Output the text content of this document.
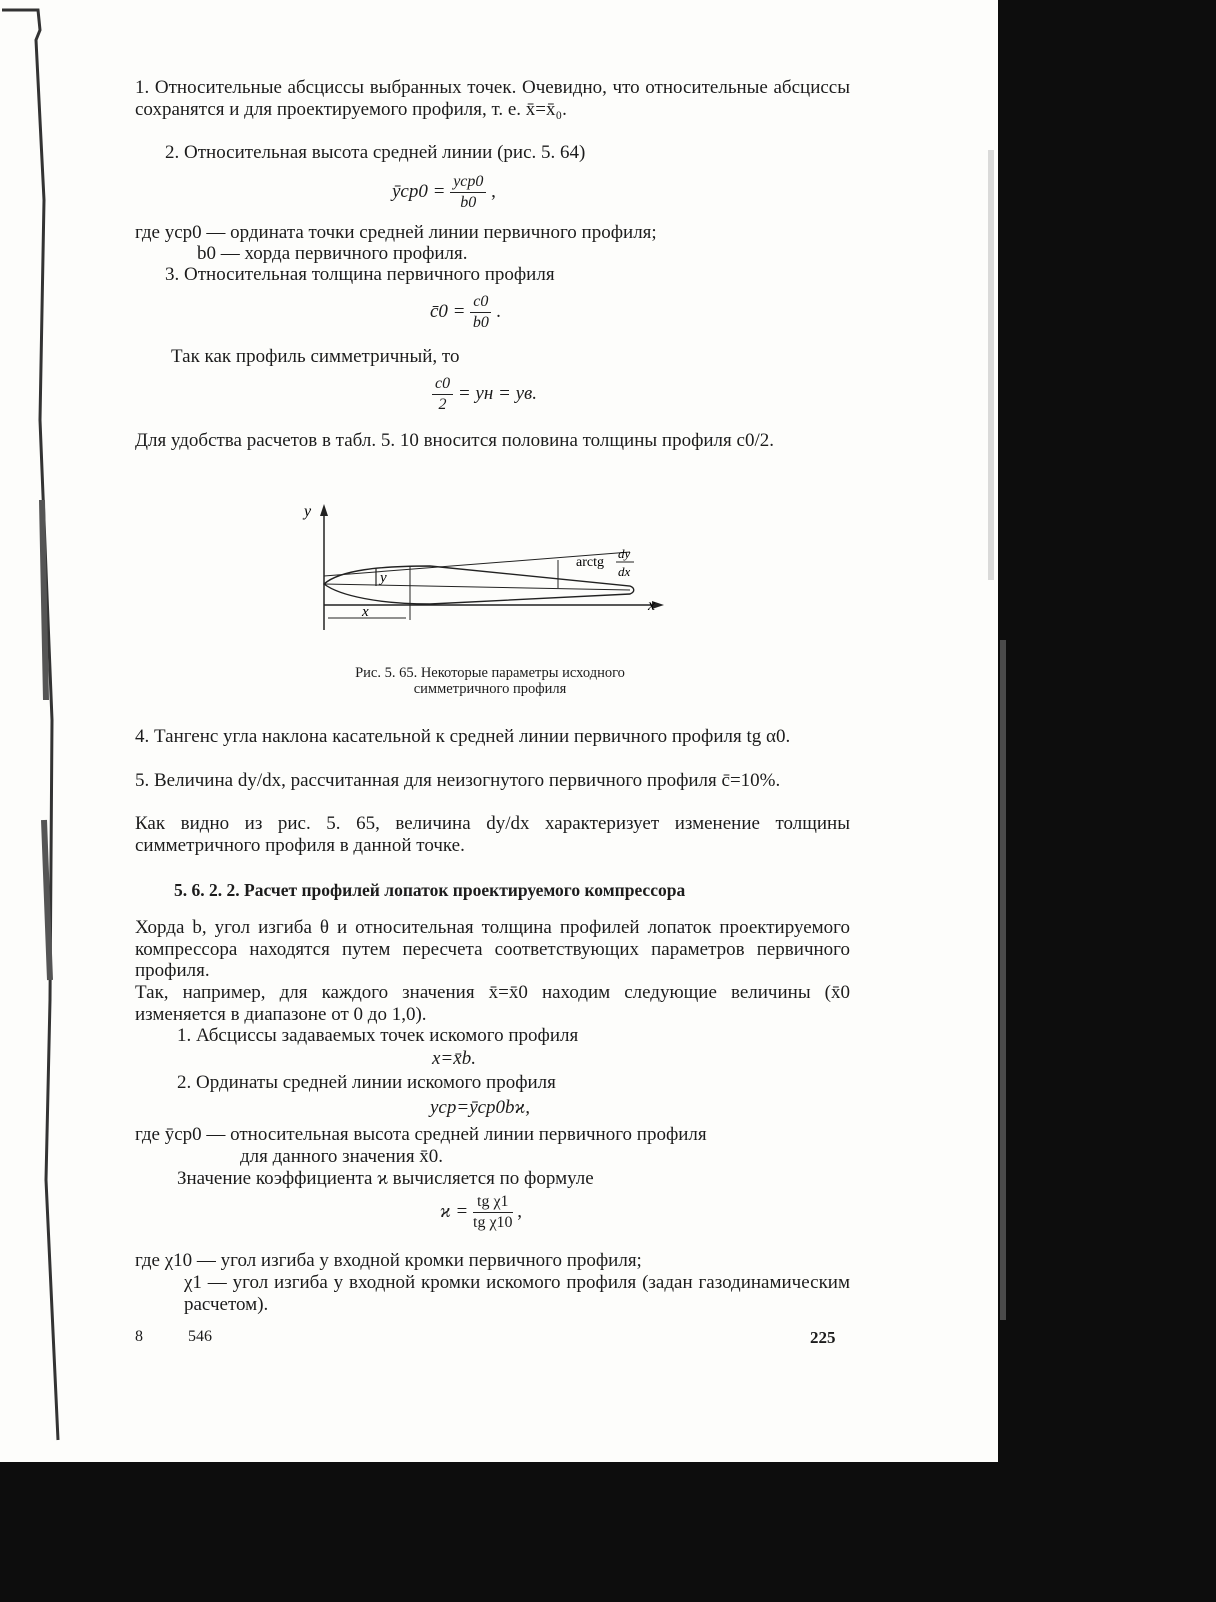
1. Относительные абсциссы выбранных точек. Очевидно, что относительные абсциссы сохранятся и для проектируемого профиля, т. е. x̄=x̄₀.

2. Относительная высота средней линии (рис. 5. 64)

ȳср0 = $\frac{\text{yср0}}{b0}$ ,
где yср0 — ордината точки средней линии первичного профиля;
b0 — хорда первичного профиля.

3. Относительная толщина первичного профиля

c̄0 = $\frac{c0}{b0}$ .

Так как профиль симметричный, то

$\frac{c0}{2}$ = yн = yв.

Для удобства расчетов в табл. 5. 10 вносится половина толщины профиля c0/2.

y
x
y
x
arctg
dy
dx
Рис. 5. 65. Некоторые параметры исходного
симметричного профиля

4. Тангенс угла наклона касательной к средней линии первичного профиля tg α0.

5. Величина dy/dx, рассчитанная для неизогнутого первичного профиля c̄=10%.

Как видно из рис. 5. 65, величина dy/dx характеризует изменение толщины симметричного профиля в данной точке.

5. 6. 2. 2. Расчет профилей лопаток проектируемого компрессора

Хорда b, угол изгиба θ и относительная толщина профилей лопаток проектируемого компрессора находятся путем пересчета соответствующих параметров первичного профиля.

Так, например, для каждого значения x̄=x̄0 находим следующие величины (x̄0 изменяется в диапазоне от 0 до 1,0).

1. Абсциссы задаваемых точек искомого профиля

x=x̄b.

2. Ординаты средней линии искомого профиля

yср=ȳср0bϰ,
где ȳср0 — относительная высота средней линии первичного профиля
для данного значения x̄0.

Значение коэффициента ϰ вычисляется по формуле

$ϰ = \frac{\text{tg χ1}}{\text{tg χ10}}$ ,
где χ10 — угол изгиба у входной кромки первичного профиля;
χ1 — угол изгиба у входной кромки искомого профиля (задан газодинамическим расчетом).
8	546	225
